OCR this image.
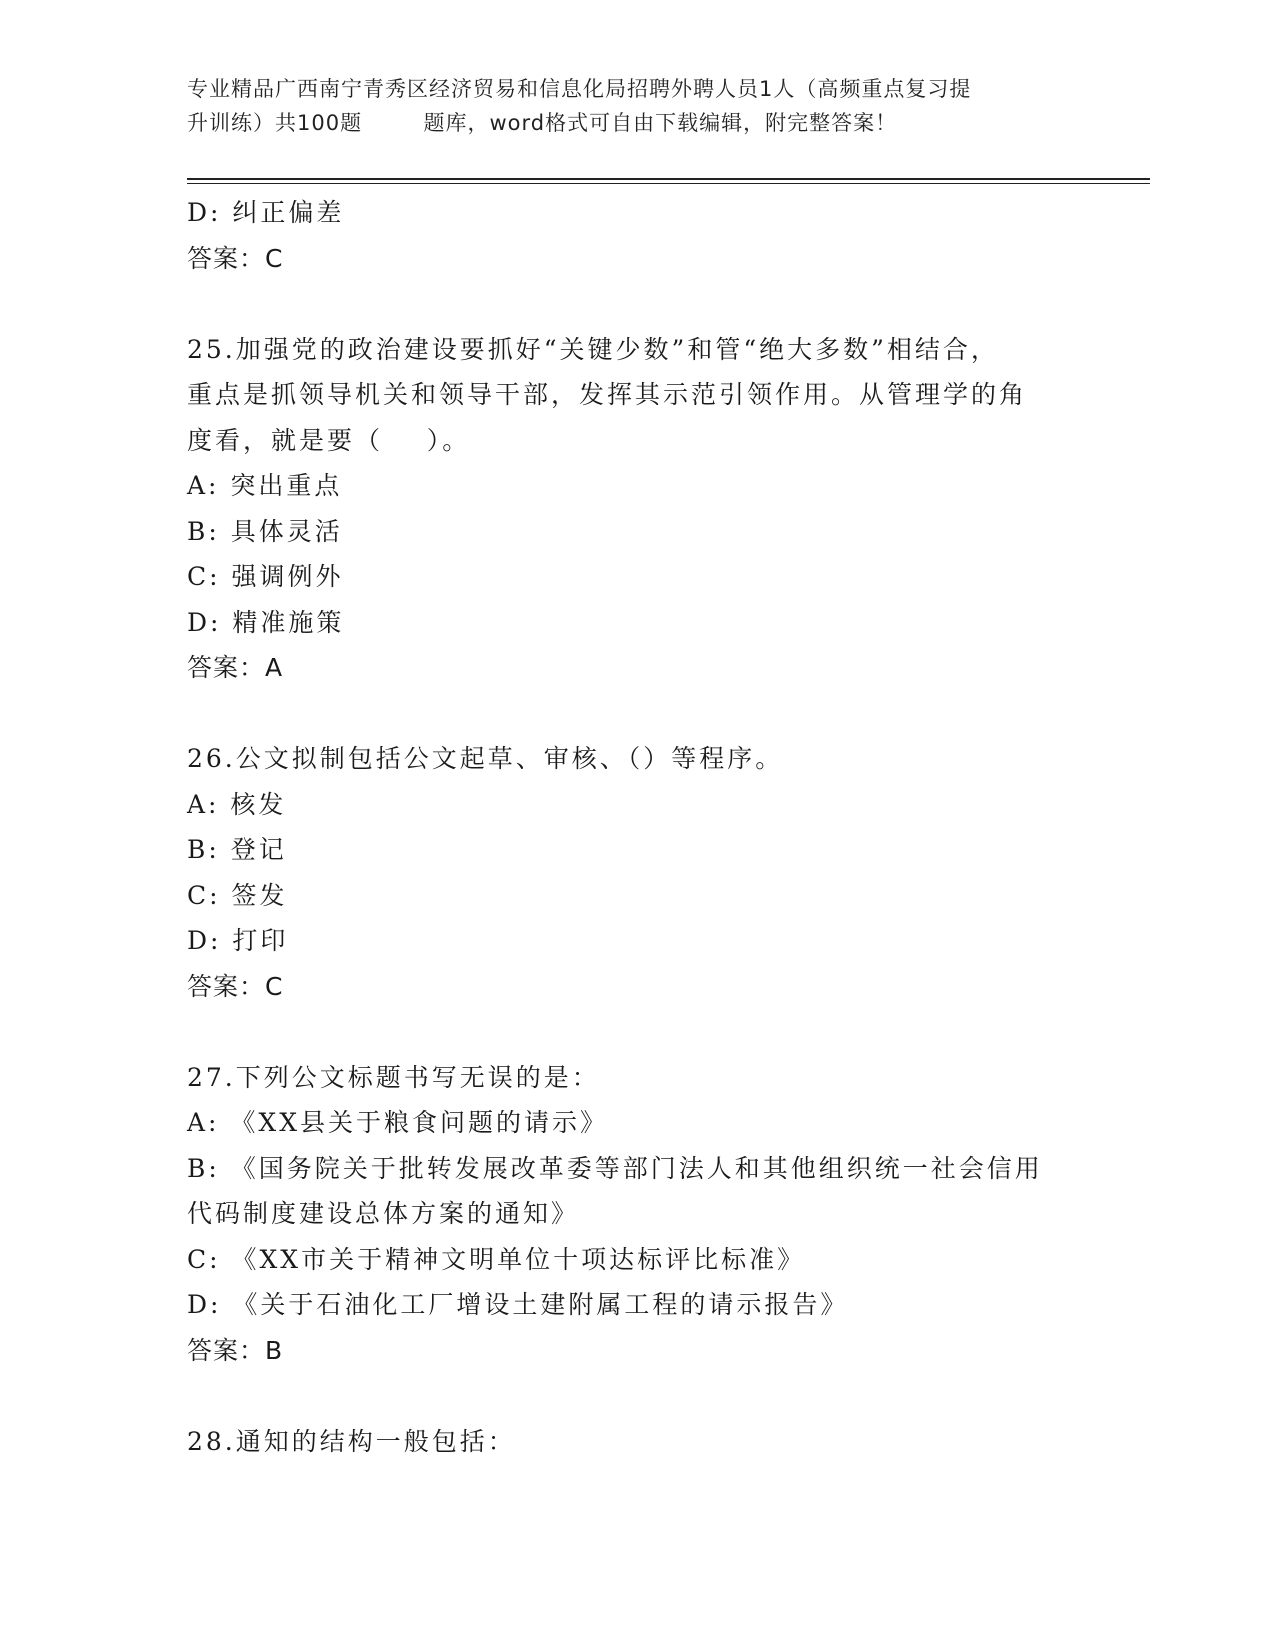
专业精品广西南宁青秀区经济贸易和信息化局招聘外聘人员1人（高频重点复习提
升训练）共100题        题库，word格式可自由下载编辑，附完整答案！
D: 纠正偏差
答案：C
25.加强党的政治建设要抓好“关键少数”和管“绝大多数”相结合，
重点是抓领导机关和领导干部，发挥其示范引领作用。从管理学的角
度看，就是要（    ）。
A: 突出重点
B: 具体灵活
C: 强调例外
D: 精准施策
答案：A
26.公文拟制包括公文起草、审核、（）等程序。
A: 核发
B: 登记
C: 签发
D: 打印
答案：C
27.下列公文标题书写无误的是：
A: 《XX县关于粮食问题的请示》
B: 《国务院关于批转发展改革委等部门法人和其他组织统一社会信用
代码制度建设总体方案的通知》
C: 《XX市关于精神文明单位十项达标评比标准》
D: 《关于石油化工厂增设土建附属工程的请示报告》
答案：B
28.通知的结构一般包括：
